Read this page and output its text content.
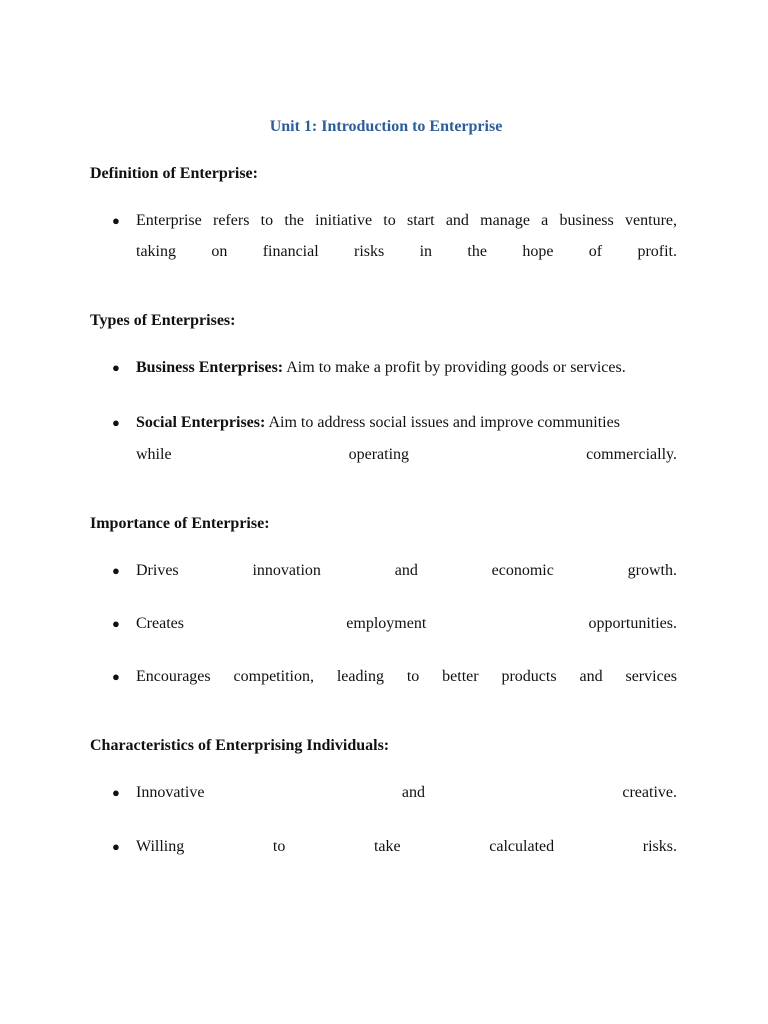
Unit 1: Introduction to Enterprise
Definition of Enterprise:
● Enterprise refers to the initiative to start and manage a business venture,
taking on financial risks in the hope of profit.
Types of Enterprises:
● Business Enterprises: Aim to make a profit by providing goods or services.
● Social Enterprises: Aim to address social issues and improve communities
while operating commercially.
Importance of Enterprise:
● Drives innovation and economic growth.
● Creates employment opportunities.
● Encourages competition, leading to better products and services
Characteristics of Enterprising Individuals:
● Innovative and creative.
● Willing to take calculated risks.
